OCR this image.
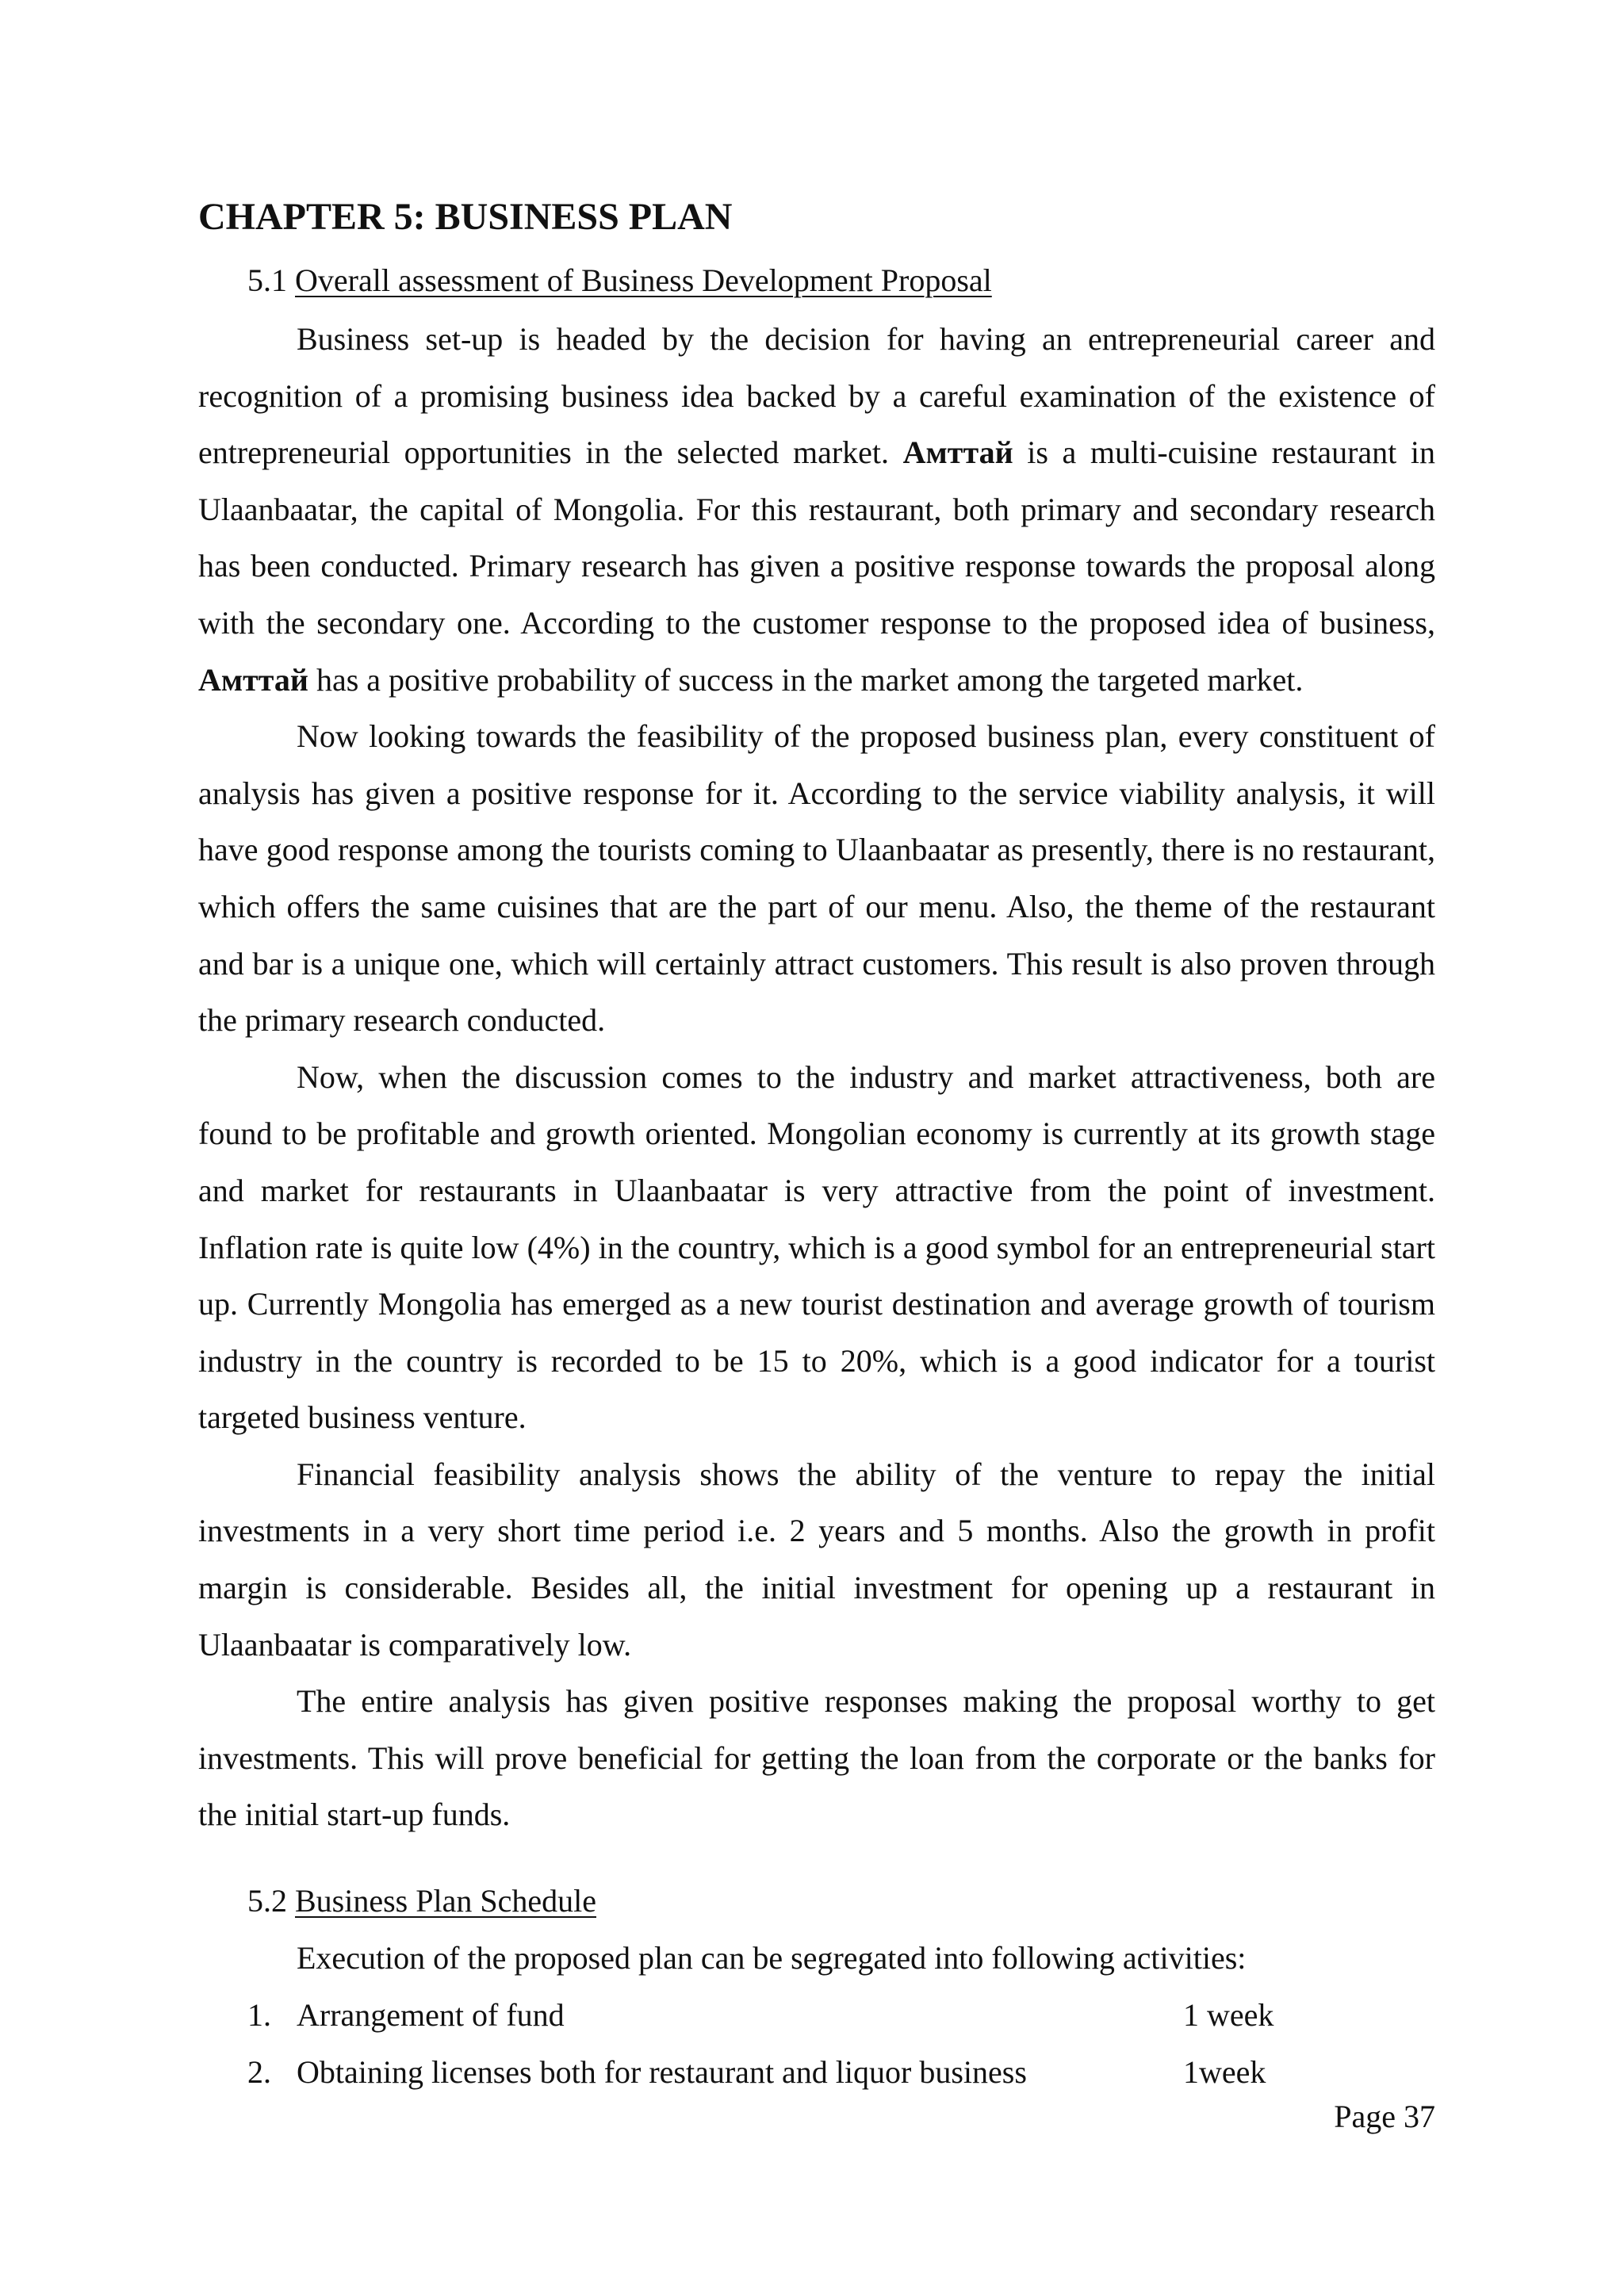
CHAPTER 5: BUSINESS PLAN
5.1 Overall assessment of Business Development Proposal

Business set-up is headed by the decision for having an entrepreneurial career and recognition of a promising business idea backed by a careful examination of the existence of entrepreneurial opportunities in the selected market. Амттай is a multi-cuisine restaurant in Ulaanbaatar, the capital of Mongolia. For this restaurant, both primary and secondary research has been conducted. Primary research has given a positive response towards the proposal along with the secondary one. According to the customer response to the proposed idea of business, Амттай has a positive probability of success in the market among the targeted market.

Now looking towards the feasibility of the proposed business plan, every constituent of analysis has given a positive response for it. According to the service viability analysis, it will have good response among the tourists coming to Ulaanbaatar as presently, there is no restaurant, which offers the same cuisines that are the part of our menu. Also, the theme of the restaurant and bar is a unique one, which will certainly attract customers. This result is also proven through the primary research conducted.

Now, when the discussion comes to the industry and market attractiveness, both are found to be profitable and growth oriented. Mongolian economy is currently at its growth stage and market for restaurants in Ulaanbaatar is very attractive from the point of investment. Inflation rate is quite low (4%) in the country, which is a good symbol for an entrepreneurial start up. Currently Mongolia has emerged as a new tourist destination and average growth of tourism industry in the country is recorded to be 15 to 20%, which is a good indicator for a tourist targeted business venture.

Financial feasibility analysis shows the ability of the venture to repay the initial investments in a very short time period i.e. 2 years and 5 months. Also the growth in profit margin is considerable. Besides all, the initial investment for opening up a restaurant in Ulaanbaatar is comparatively low.

The entire analysis has given positive responses making the proposal worthy to get investments. This will prove beneficial for getting the loan from the corporate or the banks for the initial start-up funds.

5.2 Business Plan Schedule
Execution of the proposed plan can be segregated into following activities:
1. Arrangement of fund	1 week
2. Obtaining licenses both for restaurant and liquor business	1week
Page 37
